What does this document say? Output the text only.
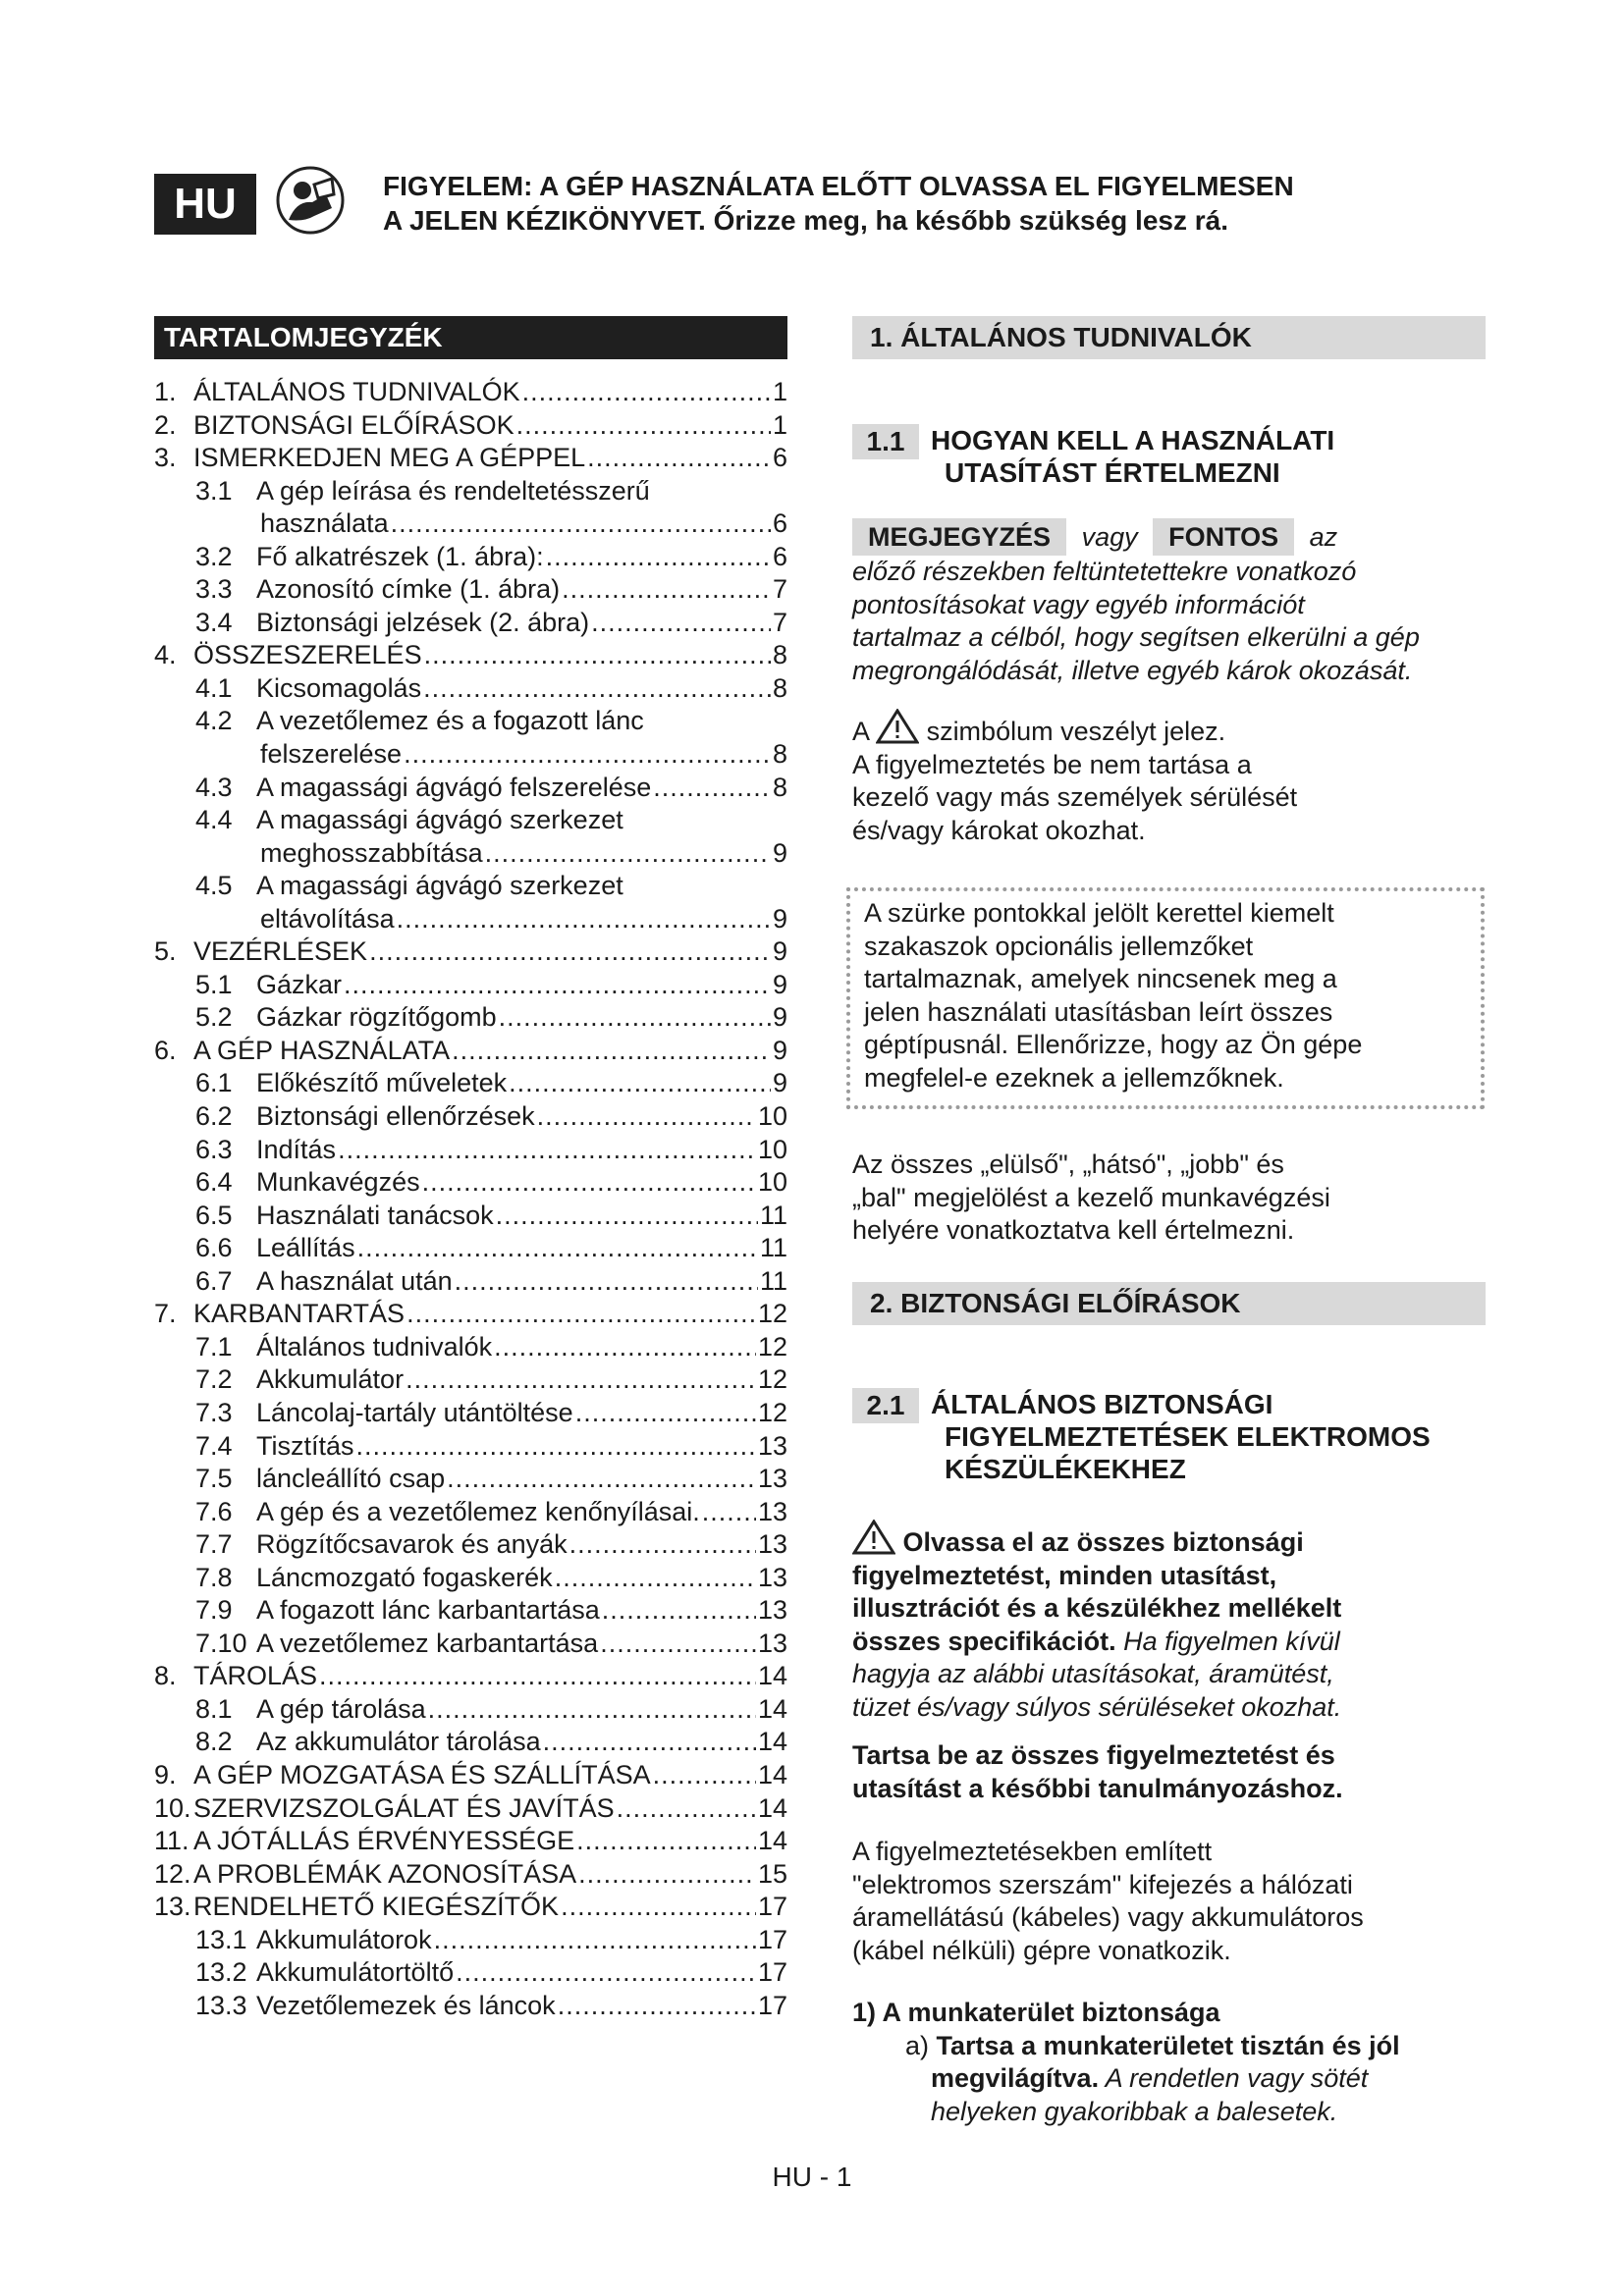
HU	FIGYELEM: A GÉP HASZNÁLATA ELŐTT OLVASSA EL FIGYELMESEN
A JELEN KÉZIKÖNYVET. Őrizze meg, ha később szükség lesz rá.
TARTALOMJEGYZÉK
1. ÁLTALÁNOS TUDNIVALÓK .....	1
2. BIZTONSÁGI ELŐÍRÁSOK .....	1
3. ISMERKEDJEN MEG A GÉPPEL .....	6
3.1 A gép leírása és rendeltetésszerű
használata .....	6
3.2 Fő alkatrészek (1. ábra): .....	6
3.3 Azonosító címke (1. ábra) .....	7
3.4 Biztonsági jelzések (2. ábra) .....	7
4. ÖSSZESZERELÉS .....	8
4.1 Kicsomagolás .....	8
4.2 A vezetőlemez és a fogazott lánc
felszerelése .....	8
4.3 A magassági ágvágó felszerelése .....	8
4.4 A magassági ágvágó szerkezet
meghosszabbítása .....	9
4.5 A magassági ágvágó szerkezet
eltávolítása .....	9
5. VEZÉRLÉSEK .....	9
5.1 Gázkar .....	9
5.2 Gázkar rögzítőgomb .....	9
6. A GÉP HASZNÁLATA .....	9
6.1 Előkészítő műveletek .....	9
6.2 Biztonsági ellenőrzések .....	10
6.3 Indítás .....	10
6.4 Munkavégzés .....	10
6.5 Használati tanácsok .....	11
6.6 Leállítás .....	11
6.7 A használat után .....	11
7. KARBANTARTÁS .....	12
7.1 Általános tudnivalók .....	12
7.2 Akkumulátor .....	12
7.3 Láncolaj-tartály utántöltése .....	12
7.4 Tisztítás .....	13
7.5 láncleállító csap .....	13
7.6 A gép és a vezetőlemez kenőnyílásai. ..... 13
7.7 Rögzítőcsavarok és anyák .....	13
7.8 Láncmozgató fogaskerék .....	13
7.9 A fogazott lánc karbantartása .....	13
7.10 A vezetőlemez karbantartása .....	13
8. TÁROLÁS .....	14
8.1 A gép tárolása .....	14
8.2 Az akkumulátor tárolása .....	14
9. A GÉP MOZGATÁSA ÉS SZÁLLÍTÁSA .....	14
10. SZERVIZSZOLGÁLAT ÉS JAVÍTÁS .....	14
11. A JÓTÁLLÁS ÉRVÉNYESSÉGE .....	14
12. A PROBLÉMÁK AZONOSÍTÁSA .....	15
13. RENDELHETŐ KIEGÉSZÍTŐK .....	17
13.1 Akkumulátorok .....	17
13.2 Akkumulátortöltő .....	17
13.3 Vezetőlemezek és láncok .....	17
1. ÁLTALÁNOS TUDNIVALÓK
1.1 HOGYAN KELL A HASZNÁLATI
UTASÍTÁST ÉRTELMEZNI
MEGJEGYZÉS vagy FONTOS az
előző részekben feltüntetettekre vonatkozó
pontosításokat vagy egyéb információt
tartalmaz a célból, hogy segítsen elkerülni a gép
megrongálódását, illetve egyéb károk okozását.
A szimbólum veszélyt jelez.
A figyelmeztetés be nem tartása a
kezelő vagy más személyek sérülését
és/vagy károkat okozhat.
A szürke pontokkal jelölt kerettel kiemelt
szakaszok opcionális jellemzőket
tartalmaznak, amelyek nincsenek meg a
jelen használati utasításban leírt összes
géptípusnál. Ellenőrizze, hogy az Ön gépe
megfelel-e ezeknek a jellemzőknek.
Az összes „elülső", „hátsó", „jobb" és
„bal" megjelölést a kezelő munkavégzési
helyére vonatkoztatva kell értelmezni.
2. BIZTONSÁGI ELŐÍRÁSOK
2.1 ÁLTALÁNOS BIZTONSÁGI
FIGYELMEZTETÉSEK ELEKTROMOS
KÉSZÜLÉKEKHEZ
Olvassa el az összes biztonsági
figyelmeztetést, minden utasítást,
illusztrációt és a készülékhez mellékelt
összes specifikációt. Ha figyelmen kívül
hagyja az alábbi utasításokat, áramütést,
tüzet és/vagy súlyos sérüléseket okozhat.
Tartsa be az összes figyelmeztetést és
utasítást a későbbi tanulmányozáshoz.
A figyelmeztetésekben említett
"elektromos szerszám" kifejezés a hálózati
áramellátású (kábeles) vagy akkumulátoros
(kábel nélküli) gépre vonatkozik.
1) A munkaterület biztonsága
a) Tartsa a munkaterületet tisztán és jól
megvilágítva. A rendetlen vagy sötét
helyeken gyakoribbak a balesetek.
HU - 1
